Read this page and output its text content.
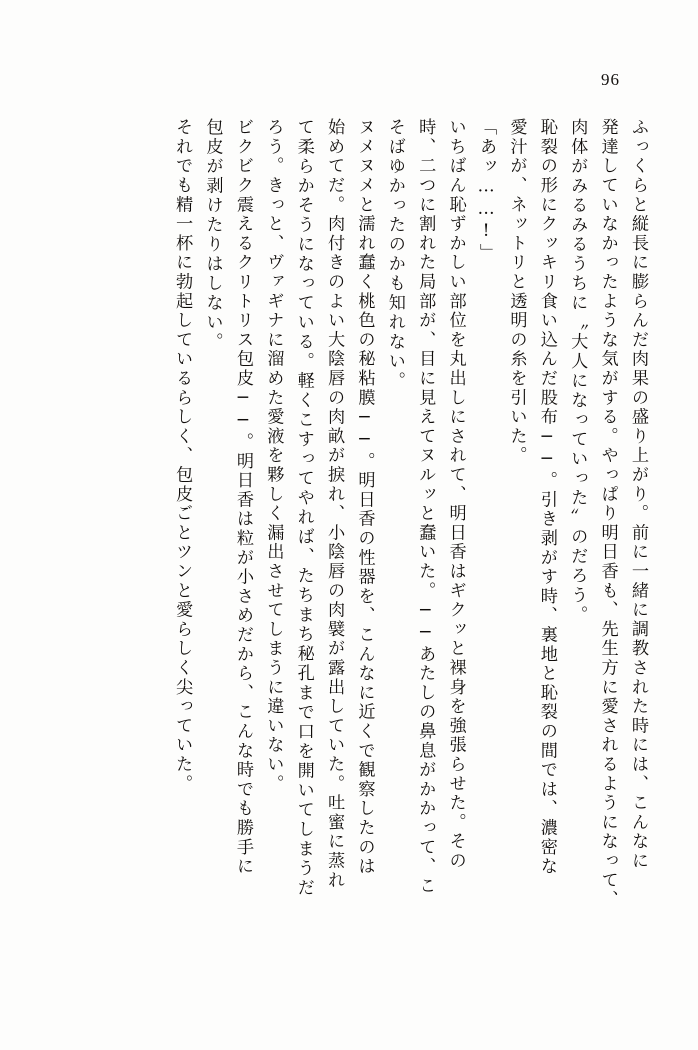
96
ふっくらと縦長に膨らんだ肉果の盛り上がり。前に一緒に調教された時には、こんなに
発達していなかったような気がする。やっぱり明日香も、先生方に愛されるようになって、
肉体がみるみるうちに〝大人になっていった〟のだろう。
恥裂の形にクッキリ食い込んだ股布──。引き剥がす時、裏地と恥裂の間では、濃密な
愛汁が、ネットリと透明の糸を引いた。
「あッ……!」
いちばん恥ずかしい部位を丸出しにされて、明日香はギクッと裸身を強張らせた。その
時、二つに割れた局部が、目に見えてヌルッと蠢いた。──あたしの鼻息がかかって、こ
そばゆかったのかも知れない。
ヌメヌメと濡れ蠢く桃色の秘粘膜──。明日香の性器を、こんなに近くで観察したのは
始めてだ。肉付きのよい大陰唇の肉畝が捩れ、小陰唇の肉襞が露出していた。吐蜜に蒸れ
て柔らかそうになっている。軽くこすってやれば、たちまち秘孔まで口を開いてしまうだ
ろう。きっと、ヴァギナに溜めた愛液を夥しく漏出させてしまうに違いない。
ビクビク震えるクリトリス包皮──。明日香は粒が小さめだから、こんな時でも勝手に
包皮が剥けたりはしない。
それでも精一杯に勃起しているらしく、包皮ごとツンと愛らしく尖っていた。
